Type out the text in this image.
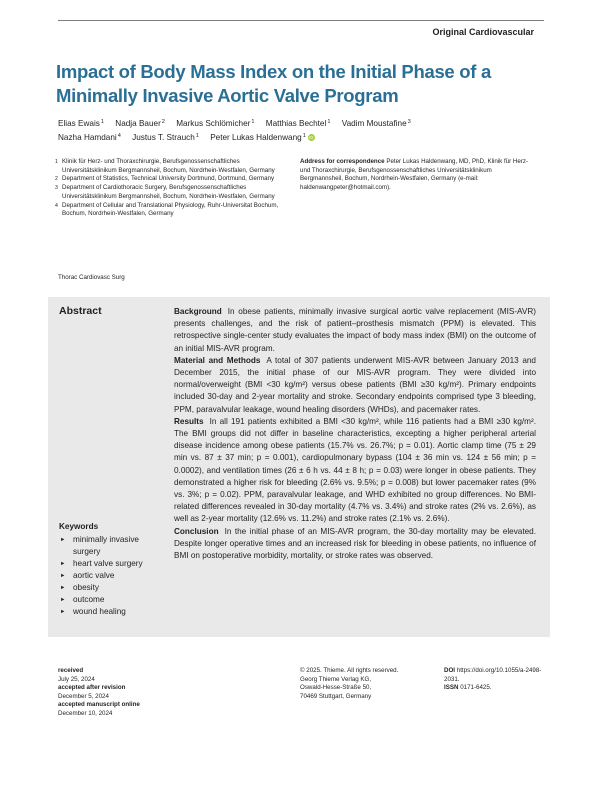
Original Cardiovascular
Impact of Body Mass Index on the Initial Phase of a Minimally Invasive Aortic Valve Program
Elias Ewais$^1$ Nadja Bauer$^2$ Markus Schlömicher$^1$ Matthias Bechtel$^1$ Vadim Moustafine$^3$
Nazha Hamdani$^4$ Justus T. Strauch$^1$ Peter Lukas Haldenwang$^1$ iD
1 Klinik für Herz- und Thoraxchirurgie, Berufsgenossenschaftliches Universitätsklinikum Bergmannsheil, Bochum, Nordrhein-Westfalen, Germany
2 Department of Statistics, Technical University Dortmund, Dortmund, Germany
3 Department of Cardiothoracic Surgery, Berufsgenossenschaftliches Universitätsklinikum Bergmannsheil, Bochum, Nordrhein-Westfalen, Germany
4 Department of Cellular and Translational Physiology, Ruhr-Universitat Bochum, Bochum, Nordrhein-Westfalen, Germany
Thorac Cardiovasc Surg
Address for correspondence Peter Lukas Haldenwang, MD, PhD, Klinik für Herz- und Thoraxchirurgie, Berufsgenossenschaftliches Universitätsklinikum Bergmannsheil, Bochum, Nordrhein-Westfalen, Germany (e-mail: haldenwangpeter@hotmail.com).
Abstract	Background In obese patients, minimally invasive surgical aortic valve replacement (MIS-AVR) presents challenges, and the risk of patient–prosthesis mismatch (PPM) is elevated. This retrospective single-center study evaluates the impact of body mass index (BMI) on the outcome of an initial MIS-AVR program.

Material and Methods A total of 307 patients underwent MIS-AVR between January 2013 and December 2015, the initial phase of our MIS-AVR program. They were divided into normal/overweight (BMI <30 kg/m²) versus obese patients (BMI ≥30 kg/m²). Primary endpoints included 30-day and 2-year mortality and stroke. Secondary endpoints comprised type 3 bleeding, PPM, paravalvular leakage, wound healing disorders (WHDs), and pacemaker rates.

Results In all 191 patients exhibited a BMI <30 kg/m², while 116 patients had a BMI ≥30 kg/m². The BMI groups did not differ in baseline characteristics, excepting a higher peripheral arterial disease incidence among obese patients (15.7% vs. 26.7%; p = 0.01). Aortic clamp time (75 ± 29 min vs. 87 ± 37 min; p = 0.001), cardiopulmonary bypass (104 ± 36 min vs. 124 ± 56 min; p = 0.0002), and ventilation times (26 ± 6 h vs. 44 ± 8 h; p = 0.03) were longer in obese patients. They demonstrated a higher risk for bleeding (2.6% vs. 9.5%; p = 0.008) but lower pacemaker rates (9% vs. 3%; p = 0.02). PPM, paravalvular leakage, and WHD exhibited no group differences. No BMI-related differences revealed in 30-day mortality (4.7% vs. 3.4%) and stroke rates (2% vs. 2.6%), as well as 2-year mortality (12.6% vs. 11.2%) and stroke rates (2.1% vs. 2.6%).

Conclusion In the initial phase of an MIS-AVR program, the 30-day mortality may be elevated. Despite longer operative times and an increased risk for bleeding in obese patients, no influence of BMI on postoperative morbidity, mortality, or stroke rates was observed.

Keywords
► minimally invasive surgery
► heart valve surgery
► aortic valve
► obesity
► outcome
► wound healing
received
July 25, 2024
accepted after revision
December 5, 2024
accepted manuscript online
December 10, 2024
© 2025. Thieme. All rights reserved.
Georg Thieme Verlag KG,
Oswald-Hesse-Straße 50,
70469 Stuttgart, Germany
DOI https://doi.org/10.1055/a-2498-2031.
ISSN 0171-6425.
